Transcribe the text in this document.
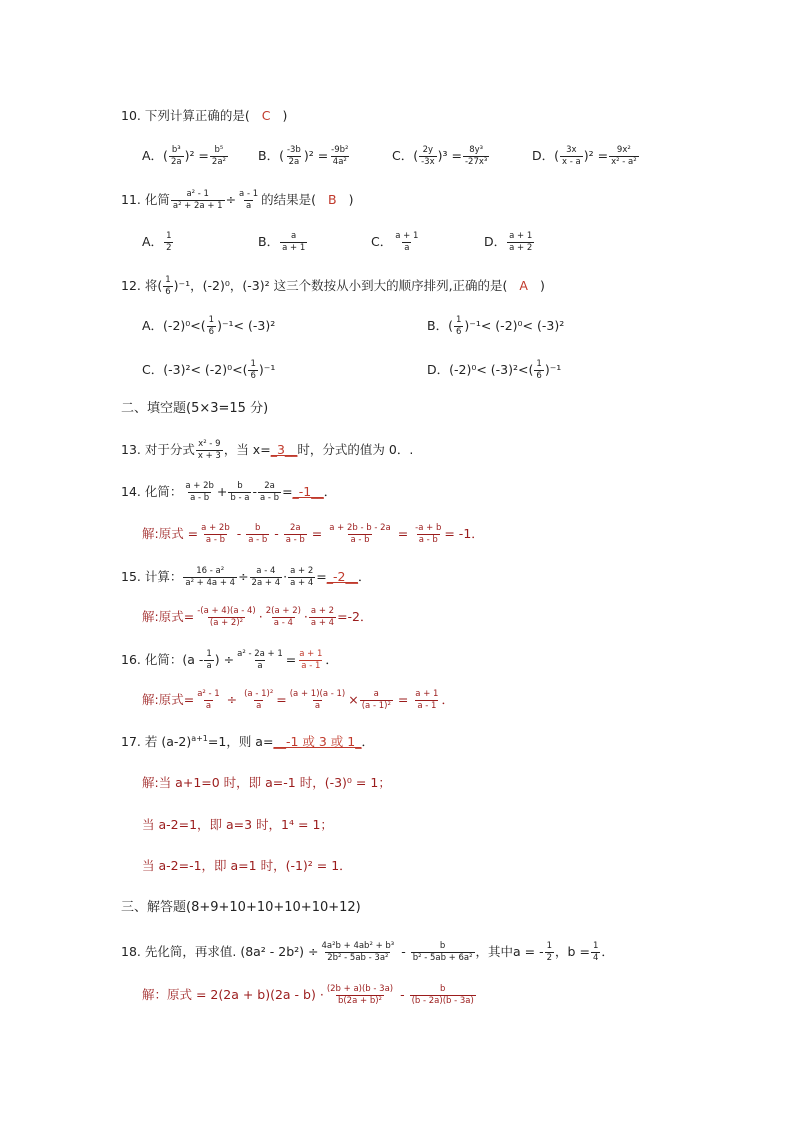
10. 下列计算正确的是( C )
A．( $\frac{\text{b³}}{2a} )^2 = \frac{\text{b⁵}}{\text{2a²}}$ B．( $\frac{-3b}{2a} )^2 = \frac{\text{-9b²}}{\text{4a²}}$	C．( $\frac{2y}{-3x} )^3 = \frac{\text{8y³}}{\text{-27x³}}$	D．( $\frac{3x}{x - a} )^2 = \frac{\text{9x²}}{\text{x² - a²}}$
11. 化简 $\frac{\text{a² - 1}}{\text{a² + 2a + 1}} \div \frac{a - 1}{a}$ 的结果是( B )
A． $\frac{1}{2}$	B． $\frac{a}{a + 1}$	C． $\frac{a + 1}{a}$	D． $\frac{a + 1}{a + 2}$
12. 将( $\frac{1}{6} )^{-1}$，(-2)⁰，(-3)² 这三个数按从小到大的顺序排列,正确的是( A )
A．$(-2)^0<( \frac{1}{6} )^{-1}< (-3)^2$	B．( $\frac{1}{6} )^{-1}< (-2)^0< (-3)^2$
C．$(-3)^2< (-2)^0<( \frac{1}{6} )^{-1}$	D．$(-2)^0< (-3)^2<( \frac{1}{6} )^{-1}$
二、填空题(5×3=15 分)
13. 对于分式 $\frac{\text{x² - 9}}{x + 3}$ ，当 x=_3__时，分式的值为 0．.
14. 化简： $\frac{a + 2b}{a - b} + \frac{b}{b - a} - \frac{2a}{a - b}$ =_-1__．
解:原式 = $\frac{a + 2b}{a - b} - \frac{b}{a - b} - \frac{2a}{a - b} = \frac{a + 2b - b - 2a}{a - b} = \frac{-a + b}{a - b} = -1$．
15. 计算： $\frac{\text{16 - a²}}{\text{a² + 4a + 4}} \div \frac{a - 4}{2a + 4} \cdot \frac{a + 2}{a + 4}$ =_-2__．
解:原式= $\frac{-(a + 4)(a - 4)}{\text{(a + 2)²}} \cdot \frac{2(a + 2)}{a - 4} \cdot \frac{a + 2}{a + 4} =-2$．
16. 化简：($a - \frac{1}{a}$ ) ÷ $\frac{\text{a² - 2a + 1}}{a} = \frac{a + 1}{a - 1}$ ．
解:原式= $\frac{\text{a² - 1}}{a} \div \frac{\text{(a - 1)²}}{a} = \frac{(a + 1)(a - 1)}{a} \times \frac{a}{\text{(a - 1)²}} = \frac{a + 1}{a - 1}$ ．
17. 若 $(a-2)^{a+1}=1$，则 a=__-1 或 3 或 1_．
解:当 a+1=0 时，即 a=-1 时，(-3)⁰ = 1；
当 a-2=1，即 a=3 时，1⁴ = 1；
当 a-2=-1，即 a=1 时，(-1)² = 1．
三、解答题(8+9+10+10+10+10+12)
18. 先化简，再求值. $(8a^2 - 2b^2) \div \frac{\text{4a²b + 4ab² + b³}}{\text{2b² - 5ab - 3a²}} - \frac{b}{\text{b² - 5ab + 6a²}}$ ，其中a = - $\frac{1}{2}$ ，$b = \frac{1}{4}$ ．
解：原式 = $2(2a + b)(2a - b) \cdot \frac{(2b + a)(b - 3a)}{\text{b(2a + b)²}} - \frac{b}{(b - 2a)(b - 3a)}$
